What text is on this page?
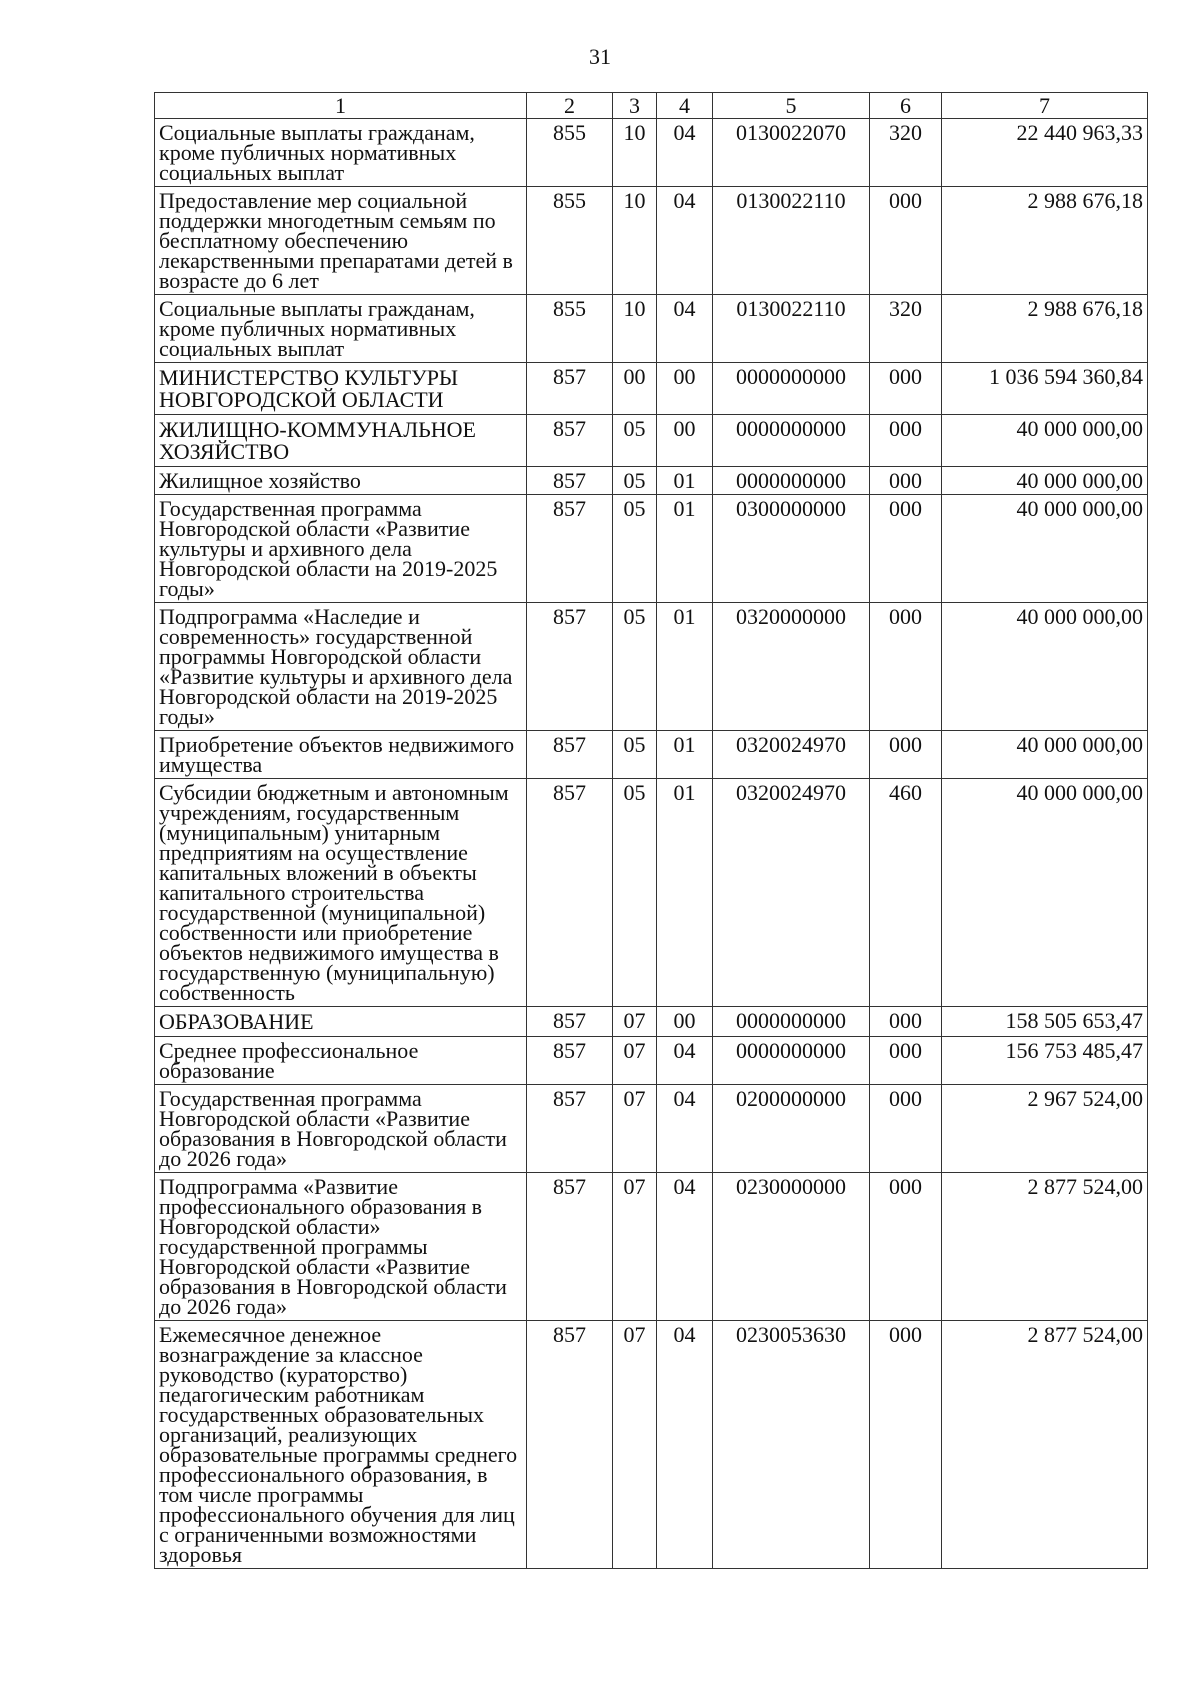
31
1	2	3	4	5	6	7
Социальные выплаты гражданам, кроме публичных нормативных социальных выплат	855	10	04	0130022070	320	22 440 963,33
Предоставление мер социальной поддержки многодетным семьям по бесплатному обеспечению лекарственными препаратами детей в возрасте до 6 лет	855	10	04	0130022110	000	2 988 676,18
Социальные выплаты гражданам, кроме публичных нормативных социальных выплат	855	10	04	0130022110	320	2 988 676,18
МИНИСТЕРСТВО КУЛЬТУРЫ НОВГОРОДСКОЙ ОБЛАСТИ	857	00	00	0000000000	000	1 036 594 360,84
ЖИЛИЩНО-КОММУНАЛЬНОЕ ХОЗЯЙСТВО	857	05	00	0000000000	000	40 000 000,00
Жилищное хозяйство	857	05	01	0000000000	000	40 000 000,00
Государственная программа Новгородской области «Развитие культуры и архивного дела Новгородской области на 2019-2025 годы»	857	05	01	0300000000	000	40 000 000,00
Подпрограмма «Наследие и современность» государственной программы Новгородской области «Развитие культуры и архивного дела Новгородской области на 2019-2025 годы»	857	05	01	0320000000	000	40 000 000,00
Приобретение объектов недвижимого имущества	857	05	01	0320024970	000	40 000 000,00
Субсидии бюджетным и автономным учреждениям, государственным (муниципальным) унитарным предприятиям на осуществление капитальных вложений в объекты капитального строительства государственной (муниципальной) собственности или приобретение объектов недвижимого имущества в государственную (муниципальную) собственность	857	05	01	0320024970	460	40 000 000,00
ОБРАЗОВАНИЕ	857	07	00	0000000000	000	158 505 653,47
Среднее профессиональное образование	857	07	04	0000000000	000	156 753 485,47
Государственная программа Новгородской области «Развитие образования в Новгородской области до 2026 года»	857	07	04	0200000000	000	2 967 524,00
Подпрограмма «Развитие профессионального образования в Новгородской области» государственной программы Новгородской области «Развитие образования в Новгородской области до 2026 года»	857	07	04	0230000000	000	2 877 524,00
Ежемесячное денежное вознаграждение за классное руководство (кураторство) педагогическим работникам государственных образовательных организаций, реализующих образовательные программы среднего профессионального образования, в том числе программы профессионального обучения для лиц с ограниченными возможностями здоровья	857	07	04	0230053630	000	2 877 524,00
